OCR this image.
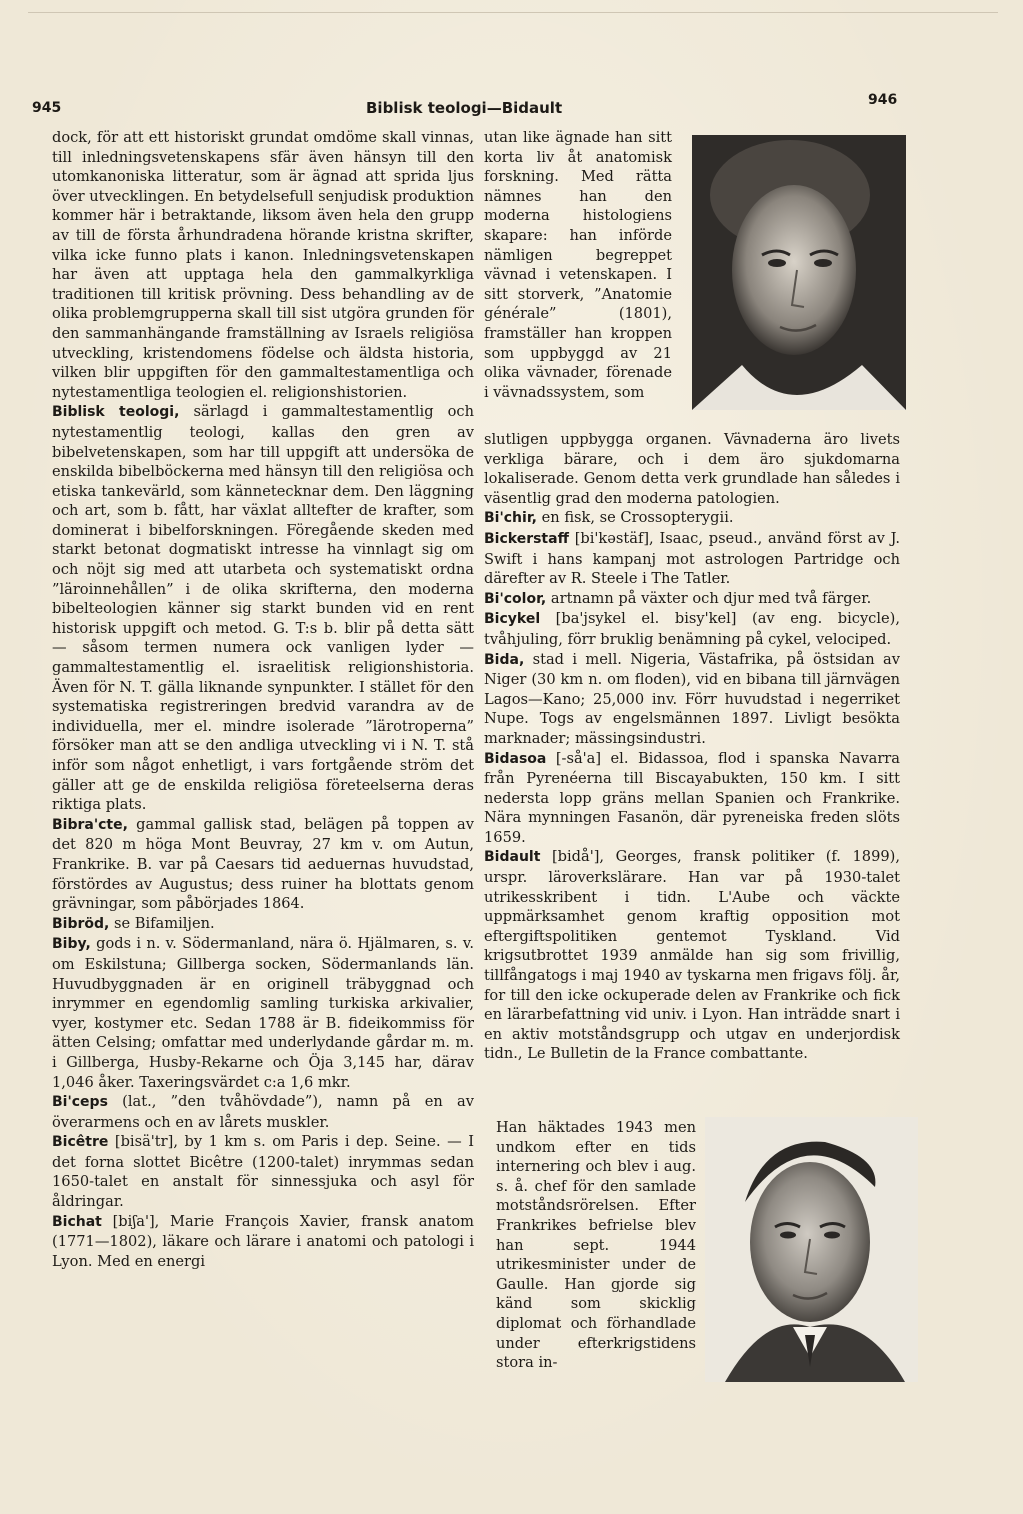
945	Biblisk teologi—Bidault	946

dock, för att ett historiskt grundat omdöme skall vinnas, till inledningsvetenskapens sfär även hänsyn till den utomkanoniska litteratur, som är ägnad att sprida ljus över utvecklingen. En betydelsefull senjudisk produktion kommer här i betraktande, liksom även hela den grupp av till de första århundradena hörande kristna skrifter, vilka icke funno plats i kanon. Inledningsvetenskapen har även att upptaga hela den gammalkyrkliga traditionen till kritisk prövning. Dess behandling av de olika problemgrupperna skall till sist utgöra grunden för den sammanhängande framställning av Israels religiösa utveckling, kristendomens födelse och äldsta historia, vilken blir uppgiften för den gammaltestamentliga och nytestamentliga teologien el. religionshistorien.

Biblisk teologi, särlagd i gammaltestamentlig och nytestamentlig teologi, kallas den gren av bibelvetenskapen, som har till uppgift att undersöka de enskilda bibelböckerna med hänsyn till den religiösa och etiska tankevärld, som kännetecknar dem. Den läggning och art, som b. fått, har växlat alltefter de krafter, som dominerat i bibelforskningen. Föregående skeden med starkt betonat dogmatiskt intresse ha vinnlagt sig om och nöjt sig med att utarbeta och systematiskt ordna ”läroinnehållen” i de olika skrifterna, den moderna bibelteologien känner sig starkt bunden vid en rent historisk uppgift och metod. G. T:s b. blir på detta sätt — såsom termen numera ock vanligen lyder — gammaltestamentlig el. israelitisk religionshistoria. Även för N. T. gälla liknande synpunkter. I stället för den systematiska registreringen bredvid varandra av de individuella, mer el. mindre isolerade ”lärotroperna” försöker man att se den andliga utveckling vi i N. T. stå inför som något enhetligt, i vars fortgående ström det gäller att ge de enskilda religiösa företeelserna deras riktiga plats.

Bibra'cte, gammal gallisk stad, belägen på toppen av det 820 m höga Mont Beuvray, 27 km v. om Autun, Frankrike. B. var på Caesars tid aeduernas huvudstad, förstördes av Augustus; dess ruiner ha blottats genom grävningar, som påbörjades 1864.

Bibröd, se Bifamiljen.

Biby, gods i n. v. Södermanland, nära ö. Hjälmaren, s. v. om Eskilstuna; Gillberga socken, Södermanlands län. Huvudbyggnaden är en originell träbyggnad och inrymmer en egendomlig samling turkiska arkivalier, vyer, kostymer etc. Sedan 1788 är B. fideikommiss för ätten Celsing; omfattar med underlydande gårdar m. m. i Gillberga, Husby-Rekarne och Öja 3,145 har, därav 1,046 åker. Taxeringsvärdet c:a 1,6 mkr.

Bi'ceps (lat., ”den tvåhövdade”), namn på en av överarmens och en av lårets muskler.

Bicêtre [bisä'tr], by 1 km s. om Paris i dep. Seine. — I det forna slottet Bicêtre (1200-talet) inrymmas sedan 1650-talet en anstalt för sinnessjuka och asyl för åldringar.

Bichat [biʃa'], Marie François Xavier, fransk anatom (1771—1802), läkare och lärare i anatomi och patologi i Lyon. Med en energi

utan like ägnade han sitt korta liv åt anatomisk forskning. Med rätta nämnes han den moderna histologiens skapare: han införde nämligen begreppet vävnad i vetenskapen. I sitt storverk, ”Anatomie générale” (1801), framställer han kroppen som uppbyggd av 21 olika vävnader, förenade i vävnadssystem, som

slutligen uppbygga organen. Vävnaderna äro livets verkliga bärare, och i dem äro sjukdomarna lokaliserade. Genom detta verk grundlade han således i väsentlig grad den moderna patologien.

Bi'chir, en fisk, se Crossopterygii.

Bickerstaff [bi'kəstäf], Isaac, pseud., använd först av J. Swift i hans kampanj mot astrologen Partridge och därefter av R. Steele i The Tatler.

Bi'color, artnamn på växter och djur med två färger.

Bicykel [ba'jsykel el. bisy'kel] (av eng. bicycle), tvåhjuling, förr bruklig benämning på cykel, velociped.

Bida, stad i mell. Nigeria, Västafrika, på östsidan av Niger (30 km n. om floden), vid en bibana till järnvägen Lagos—Kano; 25,000 inv. Förr huvudstad i negerriket Nupe. Togs av engelsmännen 1897. Livligt besökta marknader; mässingsindustri.

Bidasoa [-så'a] el. Bidassoa, flod i spanska Navarra från Pyrenéerna till Biscayabukten, 150 km. I sitt nedersta lopp gräns mellan Spanien och Frankrike. Nära mynningen Fasanön, där pyreneiska freden slöts 1659.

Bidault [bidå'], Georges, fransk politiker (f. 1899), urspr. läroverkslärare. Han var på 1930-talet utrikesskribent i tidn. L'Aube och väckte uppmärksamhet genom kraftig opposition mot eftergiftspolitiken gentemot Tyskland. Vid krigsutbrottet 1939 anmälde han sig som frivillig, tillfångatogs i maj 1940 av tyskarna men frigavs följ. år, for till den icke ockuperade delen av Frankrike och fick en lärarbefattning vid univ. i Lyon. Han inträdde snart i en aktiv motståndsgrupp och utgav en underjordisk tidn., Le Bulletin de la France combattante.

Han häktades 1943 men undkom efter en tids internering och blev i aug. s. å. chef för den samlade motståndsrörelsen. Efter Frankrikes befrielse blev han sept. 1944 utrikesminister under de Gaulle. Han gjorde sig känd som skicklig diplomat och förhandlade under efterkrigstidens stora in-
